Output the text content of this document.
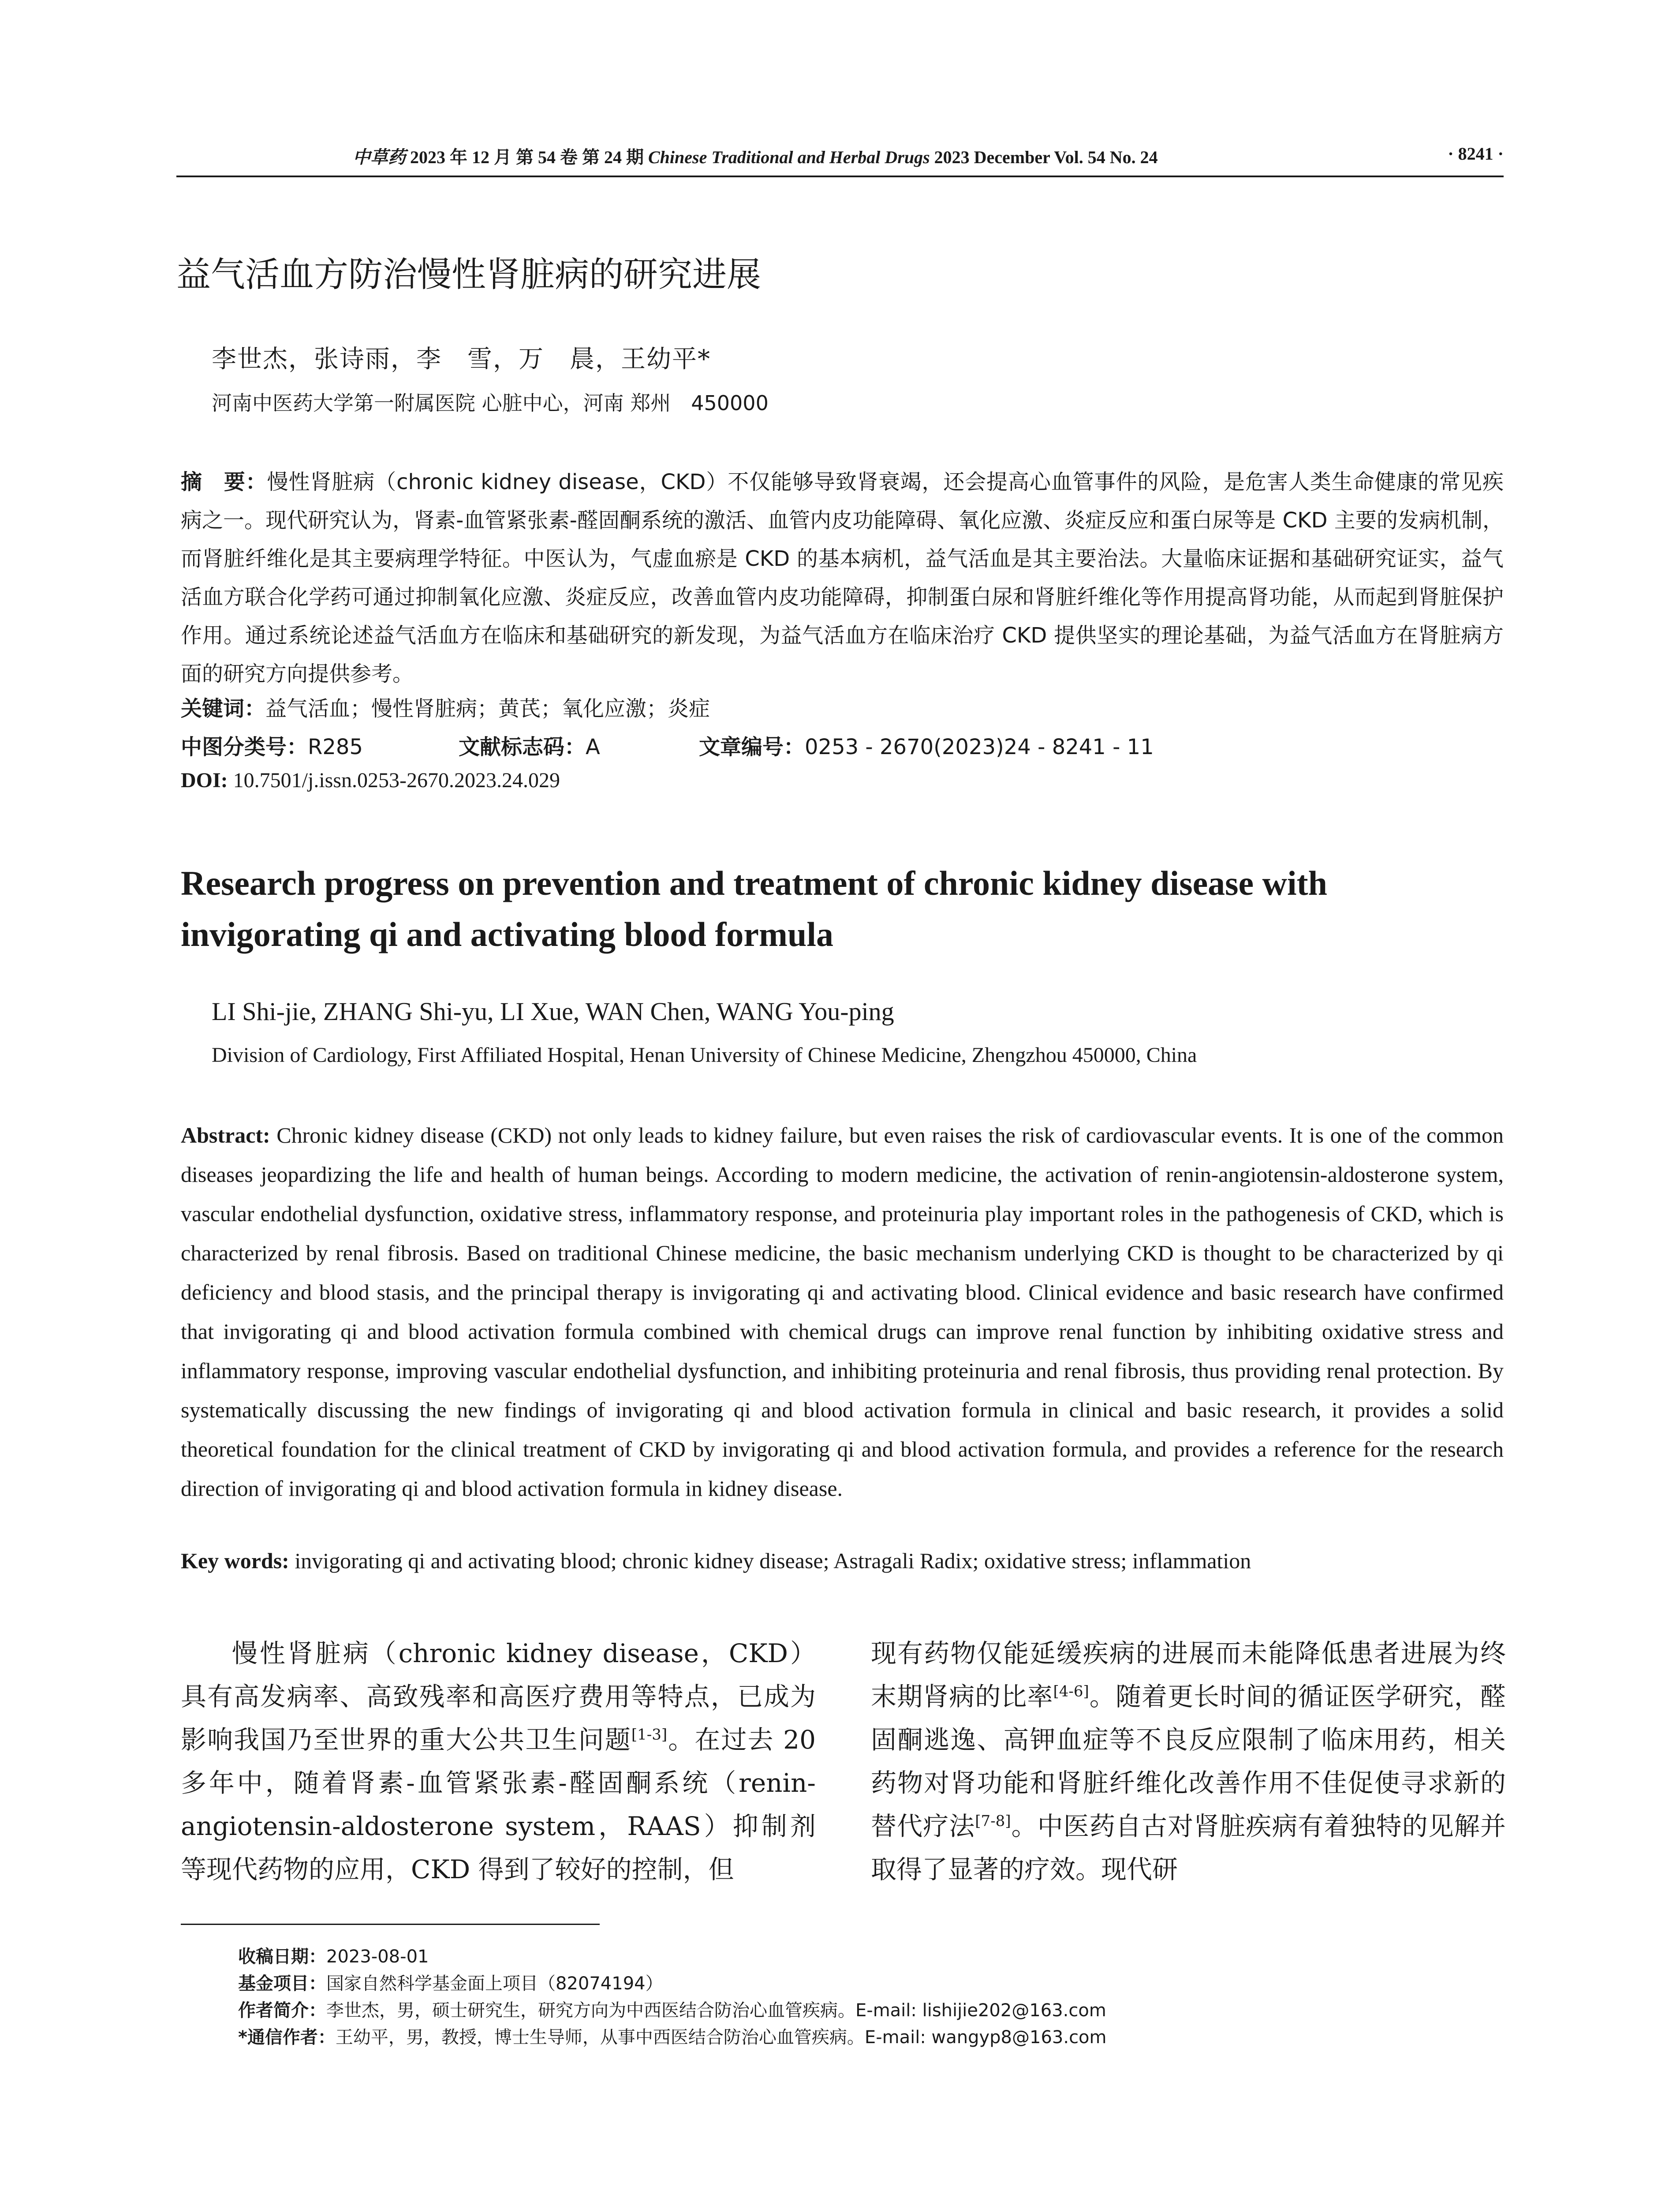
中草药 2023 年 12 月 第 54 卷 第 24 期 Chinese Traditional and Herbal Drugs 2023 December Vol. 54 No. 24	· 8241 ·
益气活血方防治慢性肾脏病的研究进展
李世杰，张诗雨，李　雪，万　晨，王幼平*
河南中医药大学第一附属医院 心脏中心，河南 郑州　450000
摘　要：慢性肾脏病（chronic kidney disease，CKD）不仅能够导致肾衰竭，还会提高心血管事件的风险，是危害人类生命健康的常见疾病之一。现代研究认为，肾素-血管紧张素-醛固酮系统的激活、血管内皮功能障碍、氧化应激、炎症反应和蛋白尿等是 CKD 主要的发病机制，而肾脏纤维化是其主要病理学特征。中医认为，气虚血瘀是 CKD 的基本病机，益气活血是其主要治法。大量临床证据和基础研究证实，益气活血方联合化学药可通过抑制氧化应激、炎症反应，改善血管内皮功能障碍，抑制蛋白尿和肾脏纤维化等作用提高肾功能，从而起到肾脏保护作用。通过系统论述益气活血方在临床和基础研究的新发现，为益气活血方在临床治疗 CKD 提供坚实的理论基础，为益气活血方在肾脏病方面的研究方向提供参考。
关键词：益气活血；慢性肾脏病；黄芪；氧化应激；炎症
中图分类号：R285	文献标志码：A	文章编号：0253 - 2670(2023)24 - 8241 - 11
DOI: 10.7501/j.issn.0253-2670.2023.24.029
Research progress on prevention and treatment of chronic kidney disease with invigorating qi and activating blood formula
LI Shi-jie, ZHANG Shi-yu, LI Xue, WAN Chen, WANG You-ping
Division of Cardiology, First Affiliated Hospital, Henan University of Chinese Medicine, Zhengzhou 450000, China
Abstract: Chronic kidney disease (CKD) not only leads to kidney failure, but even raises the risk of cardiovascular events. It is one of the common diseases jeopardizing the life and health of human beings. According to modern medicine, the activation of renin-angiotensin-aldosterone system, vascular endothelial dysfunction, oxidative stress, inflammatory response, and proteinuria play important roles in the pathogenesis of CKD, which is characterized by renal fibrosis. Based on traditional Chinese medicine, the basic mechanism underlying CKD is thought to be characterized by qi deficiency and blood stasis, and the principal therapy is invigorating qi and activating blood. Clinical evidence and basic research have confirmed that invigorating qi and blood activation formula combined with chemical drugs can improve renal function by inhibiting oxidative stress and inflammatory response, improving vascular endothelial dysfunction, and inhibiting proteinuria and renal fibrosis, thus providing renal protection. By systematically discussing the new findings of invigorating qi and blood activation formula in clinical and basic research, it provides a solid theoretical foundation for the clinical treatment of CKD by invigorating qi and blood activation formula, and provides a reference for the research direction of invigorating qi and blood activation formula in kidney disease.
Key words: invigorating qi and activating blood; chronic kidney disease; Astragali Radix; oxidative stress; inflammation
慢性肾脏病（chronic kidney disease，CKD）具有高发病率、高致残率和高医疗费用等特点，已成为影响我国乃至世界的重大公共卫生问题[1-3]。在过去 20 多年中，随着肾素-血管紧张素-醛固酮系统（renin-angiotensin-aldosterone system，RAAS）抑制剂等现代药物的应用，CKD 得到了较好的控制，但
现有药物仅能延缓疾病的进展而未能降低患者进展为终末期肾病的比率[4-6]。随着更长时间的循证医学研究，醛固酮逃逸、高钾血症等不良反应限制了临床用药，相关药物对肾功能和肾脏纤维化改善作用不佳促使寻求新的替代疗法[7-8]。中医药自古对肾脏疾病有着独特的见解并取得了显著的疗效。现代研
收稿日期：2023-08-01
基金项目：国家自然科学基金面上项目（82074194）
作者简介：李世杰，男，硕士研究生，研究方向为中西医结合防治心血管疾病。E-mail: lishijie202@163.com
*通信作者：王幼平，男，教授，博士生导师，从事中西医结合防治心血管疾病。E-mail: wangyp8@163.com
